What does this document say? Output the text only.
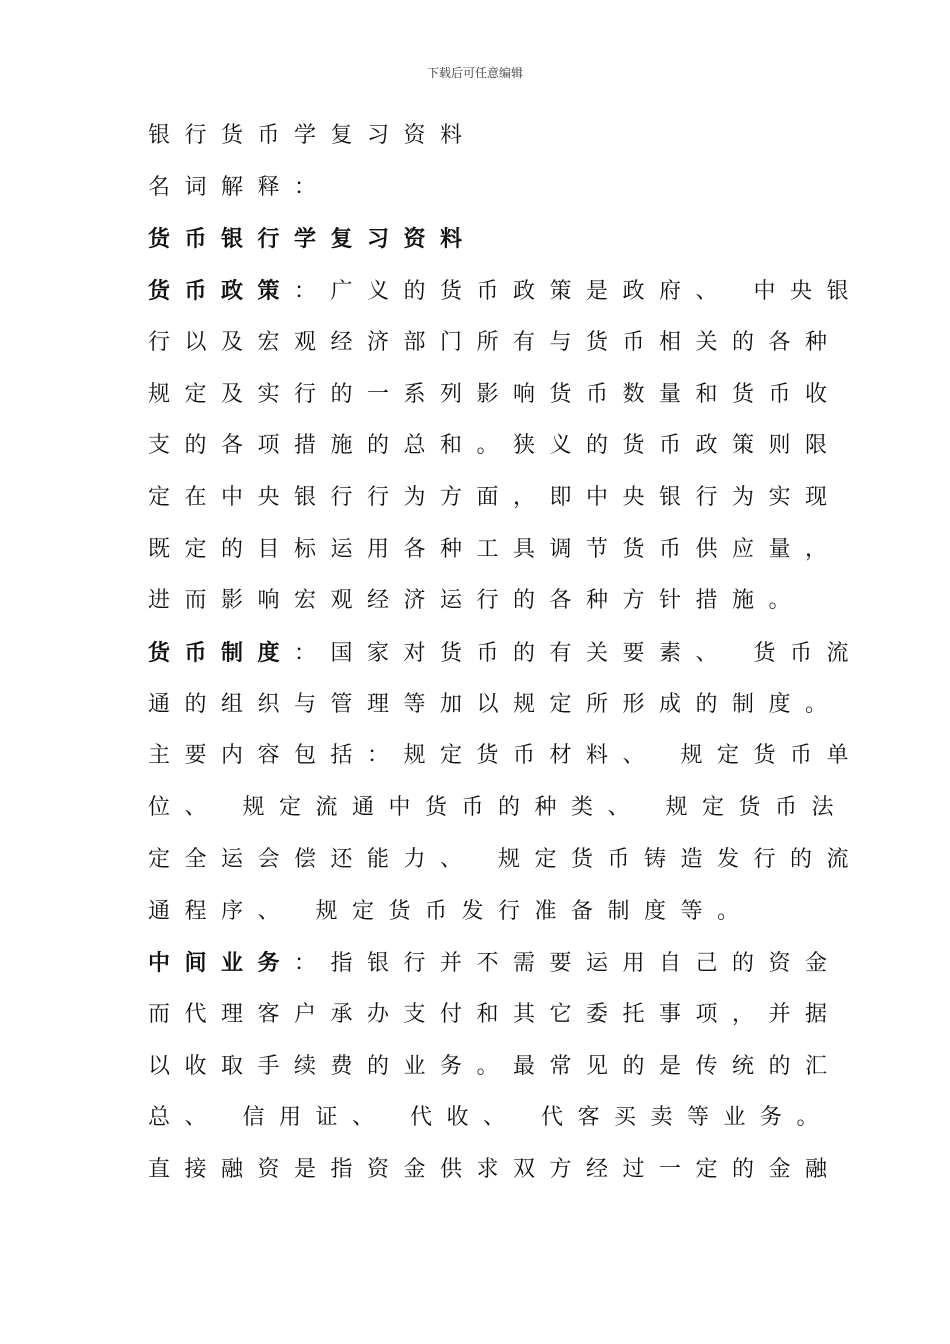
下载后可任意编辑
银行货币学复习资料
名词解释：
货币银行学复习资料
货币政策：广义的货币政策是政府、 中央银
行以及宏观经济部门所有与货币相关的各种
规定及实行的一系列影响货币数量和货币收
支的各项措施的总和。狭义的货币政策则限
定在中央银行行为方面，即中央银行为实现
既定的目标运用各种工具调节货币供应量，
进而影响宏观经济运行的各种方针措施。
货币制度：国家对货币的有关要素、 货币流
通的组织与管理等加以规定所形成的制度。
主要内容包括：规定货币材料、 规定货币单
位、 规定流通中货币的种类、 规定货币法
定全运会偿还能力、 规定货币铸造发行的流
通程序、 规定货币发行准备制度等。
中间业务：指银行并不需要运用自己的资金
而代理客户承办支付和其它委托事项，并据
以收取手续费的业务。最常见的是传统的汇
总、 信用证、 代收、 代客买卖等业务。
直接融资是指资金供求双方经过一定的金融
